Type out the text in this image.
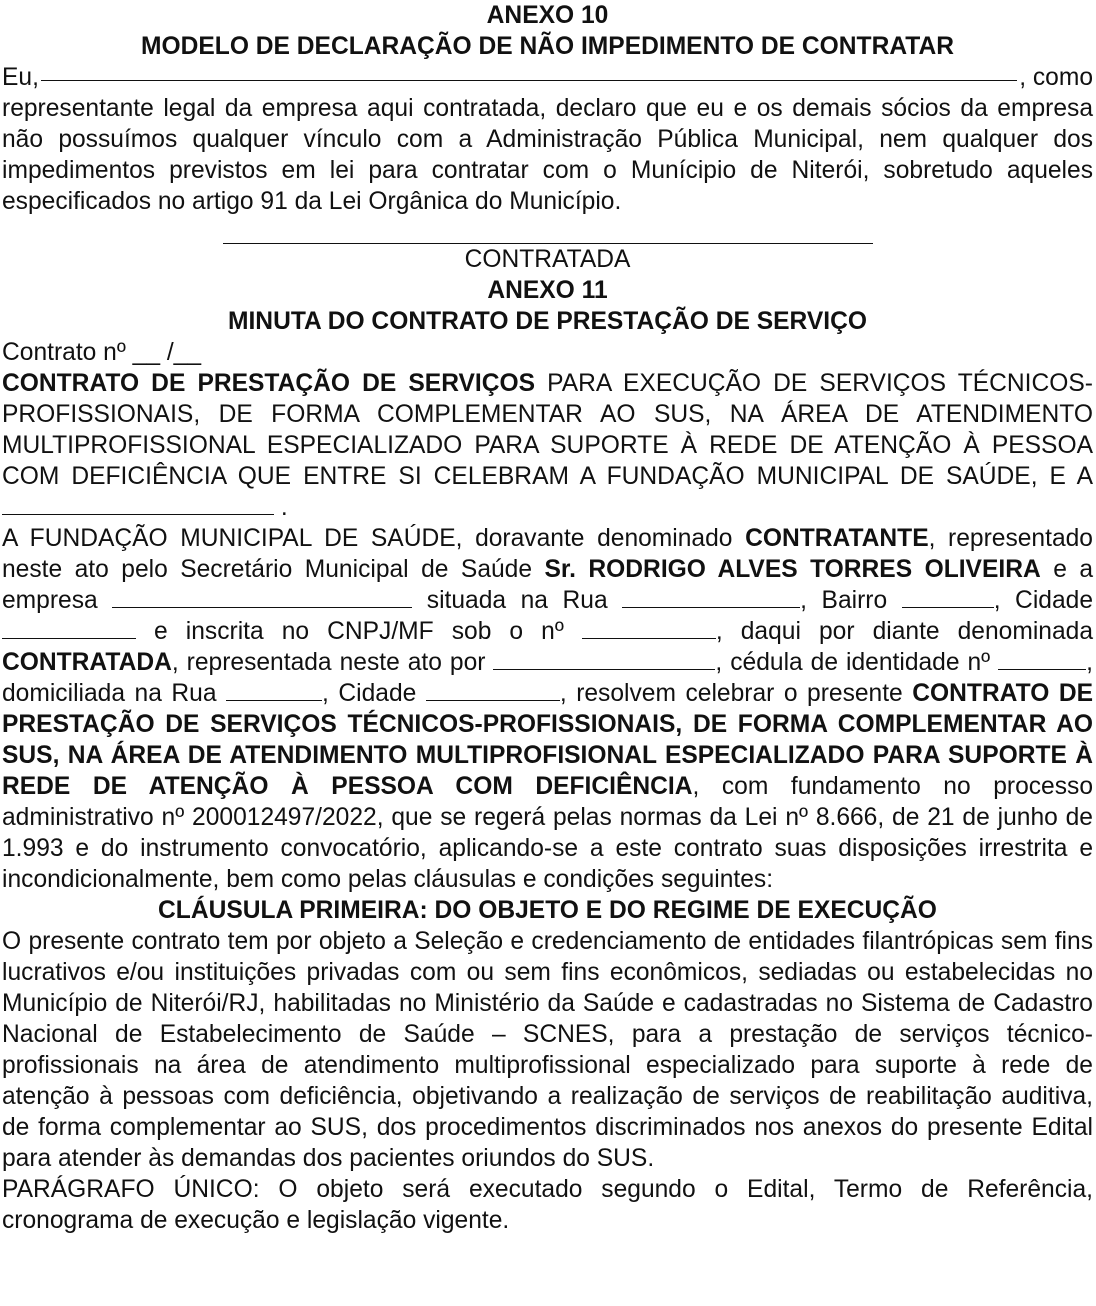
ANEXO 10
MODELO DE DECLARAÇÃO DE NÃO IMPEDIMENTO DE CONTRATAR
Eu,	, como
representante legal da empresa aqui contratada, declaro que eu e os demais sócios da empresa não possuímos qualquer vínculo com a Administração Pública Municipal, nem qualquer dos impedimentos previstos em lei para contratar com o Munícipio de Niterói, sobretudo aqueles especificados no artigo 91 da Lei Orgânica do Município.
CONTRATADA
ANEXO 11
MINUTA DO CONTRATO DE PRESTAÇÃO DE SERVIÇO
Contrato nº __ /__
CONTRATO DE PRESTAÇÃO DE SERVIÇOS PARA EXECUÇÃO DE SERVIÇOS TÉCNICOS-PROFISSIONAIS, DE FORMA COMPLEMENTAR AO SUS, NA ÁREA DE ATENDIMENTO MULTIPROFISSIONAL ESPECIALIZADO PARA SUPORTE À REDE DE ATENÇÃO À PESSOA COM DEFICIÊNCIA QUE ENTRE SI CELEBRAM A FUNDAÇÃO MUNICIPAL DE SAÚDE, E A  .
A FUNDAÇÃO MUNICIPAL DE SAÚDE, doravante denominado CONTRATANTE, representado neste ato pelo Secretário Municipal de Saúde Sr. RODRIGO ALVES TORRES OLIVEIRA e a empresa	situada na Rua	, Bairro	, Cidade  e inscrita no CNPJ/MF sob o nº	, daqui por diante denominada CONTRATADA, representada neste ato por	, cédula de identidade nº	, domiciliada na Rua	, Cidade	, resolvem celebrar o presente CONTRATO DE PRESTAÇÃO DE SERVIÇOS TÉCNICOS-PROFISSIONAIS, DE FORMA COMPLEMENTAR AO SUS, NA ÁREA DE ATENDIMENTO MULTIPROFISIONAL ESPECIALIZADO PARA SUPORTE À REDE DE ATENÇÃO À PESSOA COM DEFICIÊNCIA, com fundamento no processo administrativo nº 200012497/2022, que se regerá pelas normas da Lei nº 8.666, de 21 de junho de 1.993 e do instrumento convocatório, aplicando-se a este contrato suas disposições irrestrita e incondicionalmente, bem como pelas cláusulas e condições seguintes:
CLÁUSULA PRIMEIRA: DO OBJETO E DO REGIME DE EXECUÇÃO
O presente contrato tem por objeto a Seleção e credenciamento de entidades filantrópicas sem fins lucrativos e/ou instituições privadas com ou sem fins econômicos, sediadas ou estabelecidas no Município de Niterói/RJ, habilitadas no Ministério da Saúde e cadastradas no Sistema de Cadastro Nacional de Estabelecimento de Saúde – SCNES, para a prestação de serviços técnico-profissionais na área de atendimento multiprofissional especializado para suporte à rede de atenção à pessoas com deficiência, objetivando a realização de serviços de reabilitação auditiva, de forma complementar ao SUS, dos procedimentos discriminados nos anexos do presente Edital para atender às demandas dos pacientes oriundos do SUS.
PARÁGRAFO ÚNICO: O objeto será executado segundo o Edital, Termo de Referência, cronograma de execução e legislação vigente.
